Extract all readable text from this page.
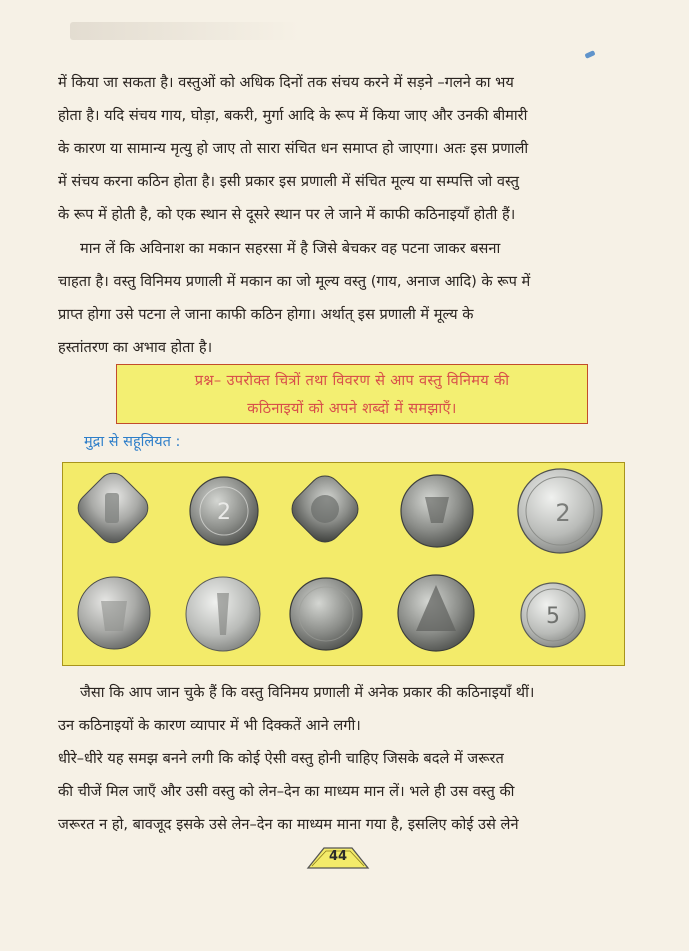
में किया जा सकता है। वस्तुओं को अधिक दिनों तक संचय करने में सड़ने –गलने का भय
होता है। यदि संचय गाय, घोड़ा, बकरी, मुर्गा आदि के रूप में किया जाए और उनकी बीमारी
के कारण या सामान्य मृत्यु हो जाए तो सारा संचित धन समाप्त हो जाएगा। अतः इस प्रणाली
में संचय करना कठिन होता है। इसी प्रकार इस प्रणाली में संचित मूल्य या सम्पत्ति जो वस्तु
के रूप में होती है, को एक स्थान से दूसरे स्थान पर ले जाने में काफी कठिनाइयाँ होती हैं।
मान लें कि अविनाश का मकान सहरसा में है जिसे बेचकर वह पटना जाकर बसना
चाहता है। वस्तु विनिमय प्रणाली में मकान का जो मूल्य वस्तु (गाय, अनाज आदि) के रूप में
प्राप्त होगा उसे पटना ले जाना काफी कठिन होगा। अर्थात् इस प्रणाली में मूल्य के
हस्तांतरण का अभाव होता है।
प्रश्न– उपरोक्त चित्रों तथा विवरण से आप वस्तु विनिमय की
कठिनाइयों को अपने शब्दों में समझाएँ।
मुद्रा से सहूलियत :
2	2
5
जैसा कि आप जान चुके हैं कि वस्तु विनिमय प्रणाली में अनेक प्रकार की कठिनाइयाँ थीं।
उन कठिनाइयों के कारण व्यापार में भी दिक्कतें आने लगी।
धीरे–धीरे यह समझ बनने लगी कि कोई ऐसी वस्तु होनी चाहिए जिसके बदले में जरूरत
की चीजें मिल जाएँ और उसी वस्तु को लेन–देन का माध्यम मान लें। भले ही उस वस्तु की
जरूरत न हो, बावजूद इसके उसे लेन–देन का माध्यम माना गया है, इसलिए कोई उसे लेने
44
